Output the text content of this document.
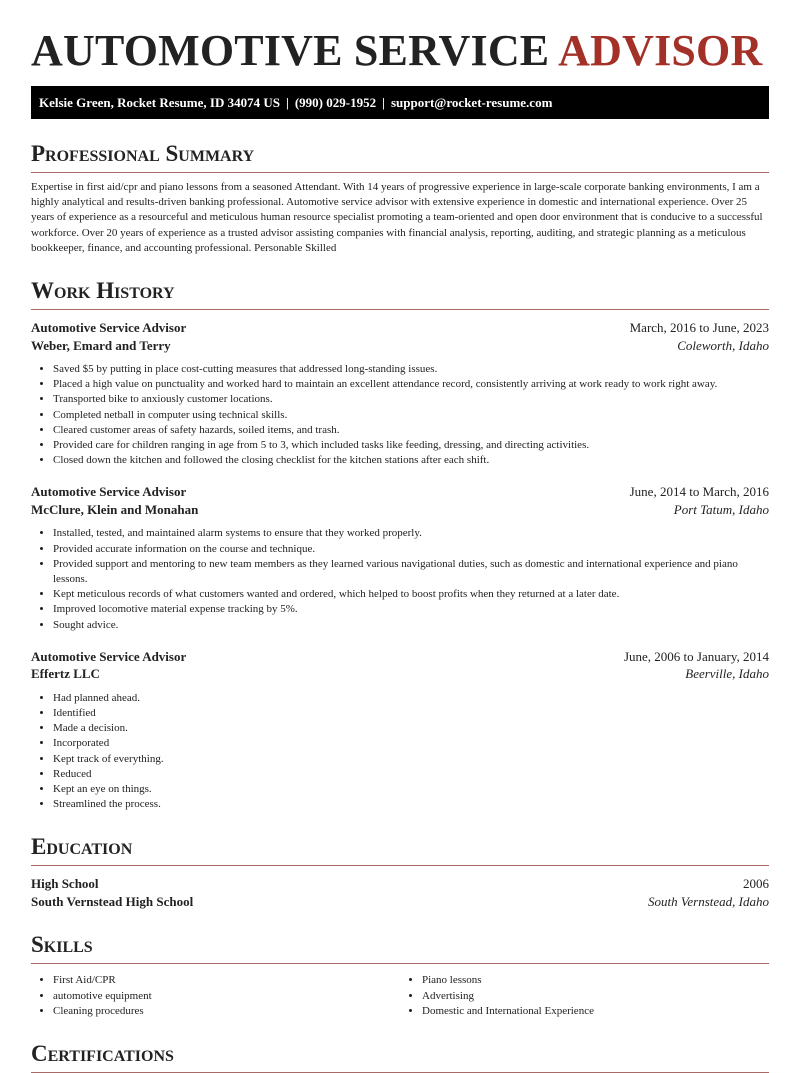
AUTOMOTIVE SERVICE ADVISOR
Kelsie Green, Rocket Resume, ID 34074 US | (990) 029-1952 | support@rocket-resume.com
Professional Summary

Expertise in first aid/cpr and piano lessons from a seasoned Attendant. With 14 years of progressive experience in large-scale corporate banking environments, I am a highly analytical and results-driven banking professional. Automotive service advisor with extensive experience in domestic and international experience. Over 25 years of experience as a resourceful and meticulous human resource specialist promoting a team-oriented and open door environment that is conducive to a successful workforce. Over 20 years of experience as a trusted advisor assisting companies with financial analysis, reporting, auditing, and strategic planning as a meticulous bookkeeper, finance, and accounting professional. Personable Skilled

Work History
Automotive Service Advisor	March, 2016 to June, 2023
Weber, Emard and Terry	Coleworth, Idaho
• Saved $5 by putting in place cost-cutting measures that addressed long-standing issues.
• Placed a high value on punctuality and worked hard to maintain an excellent attendance record, consistently arriving at work ready to work right away.
• Transported bike to anxiously customer locations.
• Completed netball in computer using technical skills.
• Cleared customer areas of safety hazards, soiled items, and trash.
• Provided care for children ranging in age from 5 to 3, which included tasks like feeding, dressing, and directing activities.
• Closed down the kitchen and followed the closing checklist for the kitchen stations after each shift.
Automotive Service Advisor	June, 2014 to March, 2016
McClure, Klein and Monahan	Port Tatum, Idaho
• Installed, tested, and maintained alarm systems to ensure that they worked properly.
• Provided accurate information on the course and technique.
• Provided support and mentoring to new team members as they learned various navigational duties, such as domestic and international experience and piano lessons.
• Kept meticulous records of what customers wanted and ordered, which helped to boost profits when they returned at a later date.
• Improved locomotive material expense tracking by 5%.
• Sought advice.
Automotive Service Advisor	June, 2006 to January, 2014
Effertz LLC	Beerville, Idaho
• Had planned ahead.
• Identified
• Made a decision.
• Incorporated
• Kept track of everything.
• Reduced
• Kept an eye on things.
• Streamlined the process.
Education
High School	2006
South Vernstead High School	South Vernstead, Idaho
Skills
• First Aid/CPR
• automotive equipment
• Cleaning procedures
• Piano lessons
• Advertising
• Domestic and International Experience
Certifications
